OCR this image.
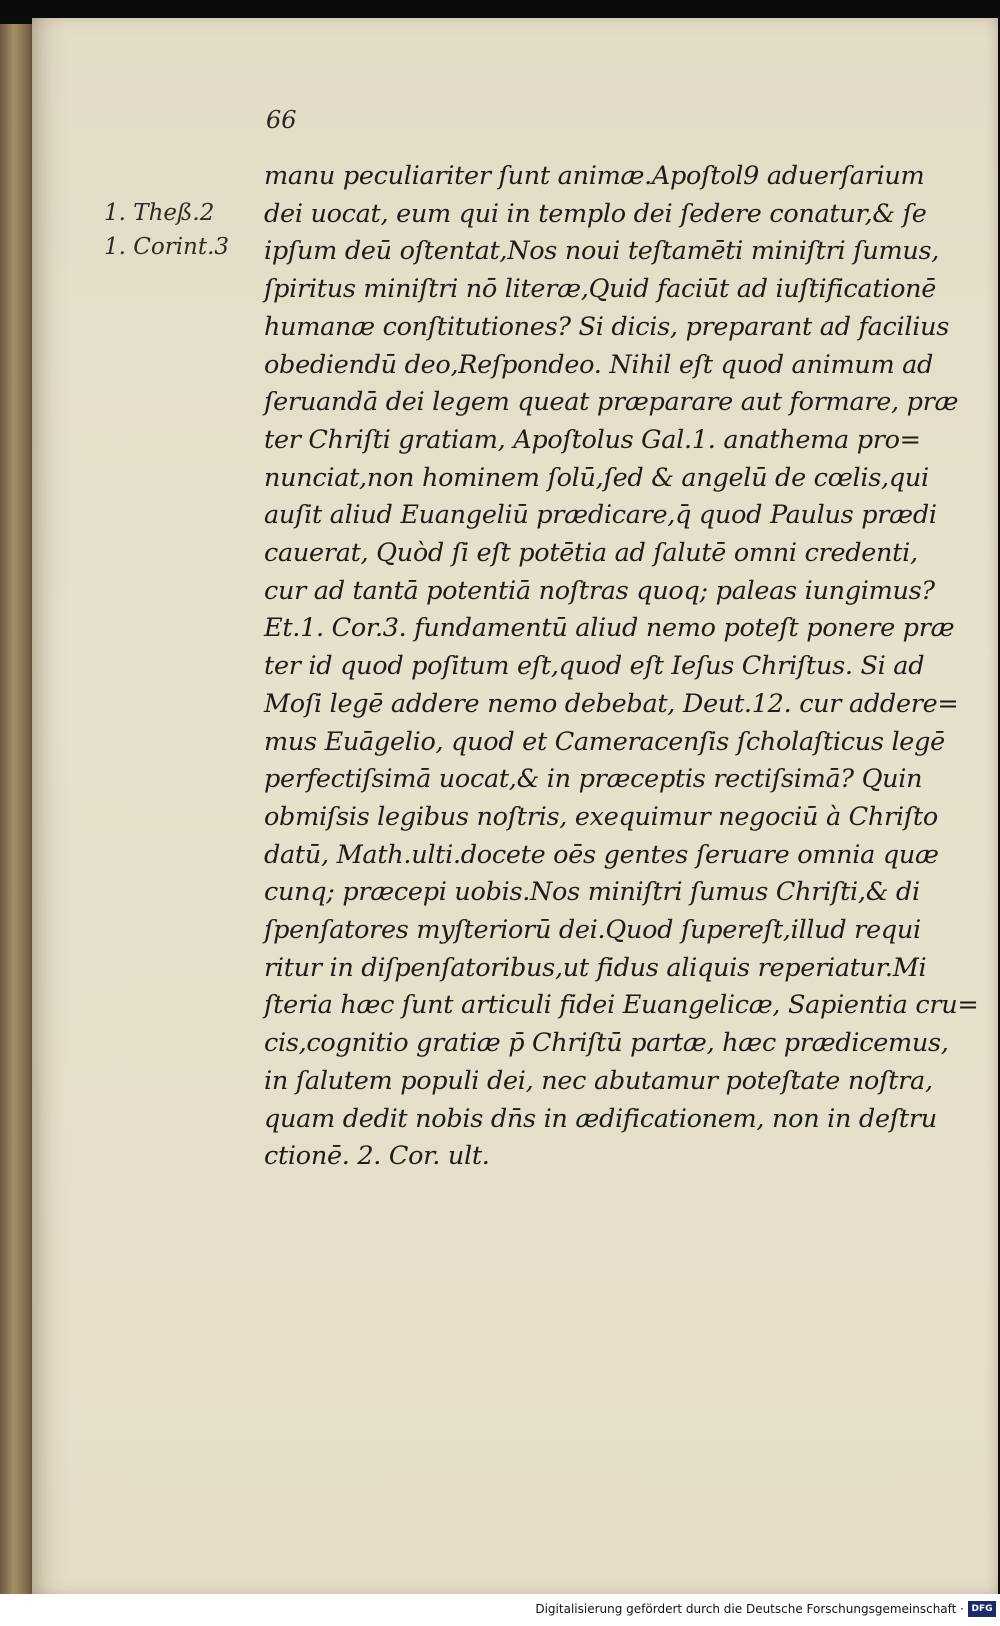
66

1. Theß.2
1. Corint.3
manu peculiariter ſunt animæ.Apoſtol9 aduerſarium
dei uocat, eum qui in templo dei ſedere conatur,& ſe
ipſum deū oſtentat,Nos noui teſtamēti miniſtri ſumus,
ſpiritus miniſtri nō literæ,Quid faciūt ad iuſtificationē
humanæ conſtitutiones? Si dicis, preparant ad facilius
obediendū deo,Reſpondeo. Nihil eſt quod animum ad
ſeruandā dei legem queat præparare aut formare, præ
ter Chriſti gratiam, Apoſtolus Gal.1. anathema pro=
nunciat,non hominem ſolū,ſed & angelū de cœlis,qui
auſit aliud Euangeliū prædicare,q̄ quod Paulus prædi
cauerat, Quòd ſi eſt potētia ad ſalutē omni credenti,
cur ad tantā potentiā noſtras quoq; paleas iungimus?
Et.1. Cor.3. fundamentū aliud nemo poteſt ponere præ
ter id quod poſitum eſt,quod eſt Ieſus Chriſtus. Si ad
Moſi legē addere nemo debebat, Deut.12. cur addere=
mus Euāgelio, quod et Cameracenſis ſcholaſticus legē
perfectiſsimā uocat,& in præceptis rectiſsimā? Quin
obmiſsis legibus noſtris, exequimur negociū à Chriſto
datū, Math.ulti.docete oēs gentes ſeruare omnia quæ
cunq; præcepi uobis.Nos miniſtri ſumus Chriſti,& di
ſpenſatores myſteriorū dei.Quod ſupereſt,illud requi
ritur in diſpenſatoribus,ut fidus aliquis reperiatur.Mi
ſteria hæc ſunt articuli fidei Euangelicæ, Sapientia cru=
cis,cognitio gratiæ p̄ Chriſtū partæ, hæc prædicemus,
in ſalutem populi dei, nec abutamur poteſtate noſtra,
quam dedit nobis dn̄s in ædificationem, non in deſtru
ctionē. 2. Cor. ult.
Digitalisierung gefördert durch die Deutsche Forschungsgemeinschaft · DFG
